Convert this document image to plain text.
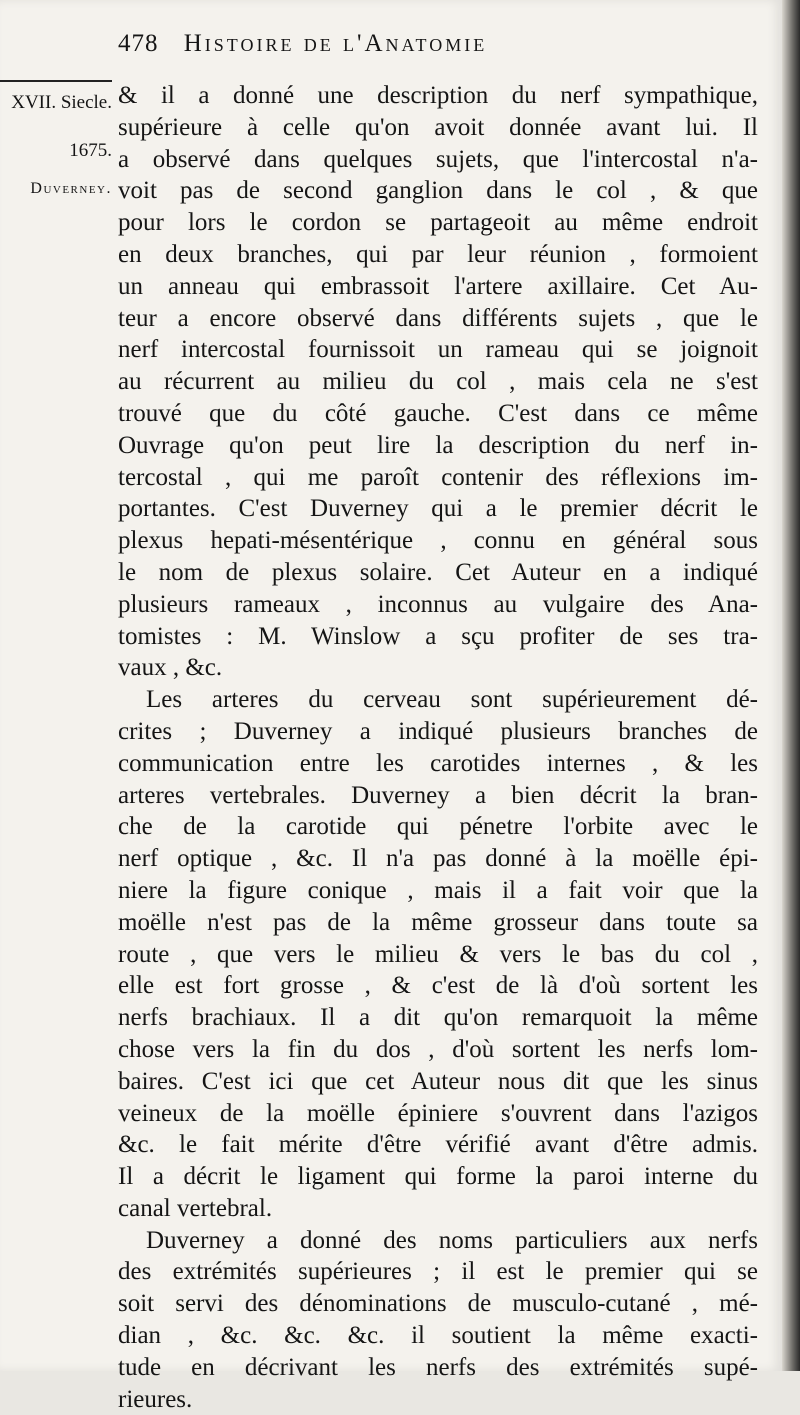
478 Histoire de l'Anatomie
XVII. Siecle.
1675.
Duverney.
& il a donné une description du nerf sympathique,
supérieure à celle qu'on avoit donnée avant lui. Il
a observé dans quelques sujets, que l'intercostal n'a-
voit pas de second ganglion dans le col , & que
pour lors le cordon se partageoit au même endroit
en deux branches, qui par leur réunion , formoient
un anneau qui embrassoit l'artere axillaire. Cet Au-
teur a encore observé dans différents sujets , que le
nerf intercostal fournissoit un rameau qui se joignoit
au récurrent au milieu du col , mais cela ne s'est
trouvé que du côté gauche. C'est dans ce même
Ouvrage qu'on peut lire la description du nerf in-
tercostal , qui me paroît contenir des réflexions im-
portantes. C'est Duverney qui a le premier décrit le
plexus hepati-mésentérique , connu en général sous
le nom de plexus solaire. Cet Auteur en a indiqué
plusieurs rameaux , inconnus au vulgaire des Ana-
tomistes : M. Winslow a sçu profiter de ses tra-
vaux , &c.
Les arteres du cerveau sont supérieurement dé-
crites ; Duverney a indiqué plusieurs branches de
communication entre les carotides internes , & les
arteres vertebrales. Duverney a bien décrit la bran-
che de la carotide qui pénetre l'orbite avec le
nerf optique , &c. Il n'a pas donné à la moëlle épi-
niere la figure conique , mais il a fait voir que la
moëlle n'est pas de la même grosseur dans toute sa
route , que vers le milieu & vers le bas du col ,
elle est fort grosse , & c'est de là d'où sortent les
nerfs brachiaux. Il a dit qu'on remarquoit la même
chose vers la fin du dos , d'où sortent les nerfs lom-
baires. C'est ici que cet Auteur nous dit que les sinus
veineux de la moëlle épiniere s'ouvrent dans l'azigos
&c. le fait mérite d'être vérifié avant d'être admis.
Il a décrit le ligament qui forme la paroi interne du
canal vertebral.
Duverney a donné des noms particuliers aux nerfs
des extrémités supérieures ; il est le premier qui se
soit servi des dénominations de musculo-cutané , mé-
dian , &c. &c. &c. il soutient la même exacti-
tude en décrivant les nerfs des extrémités supé-
rieures.
